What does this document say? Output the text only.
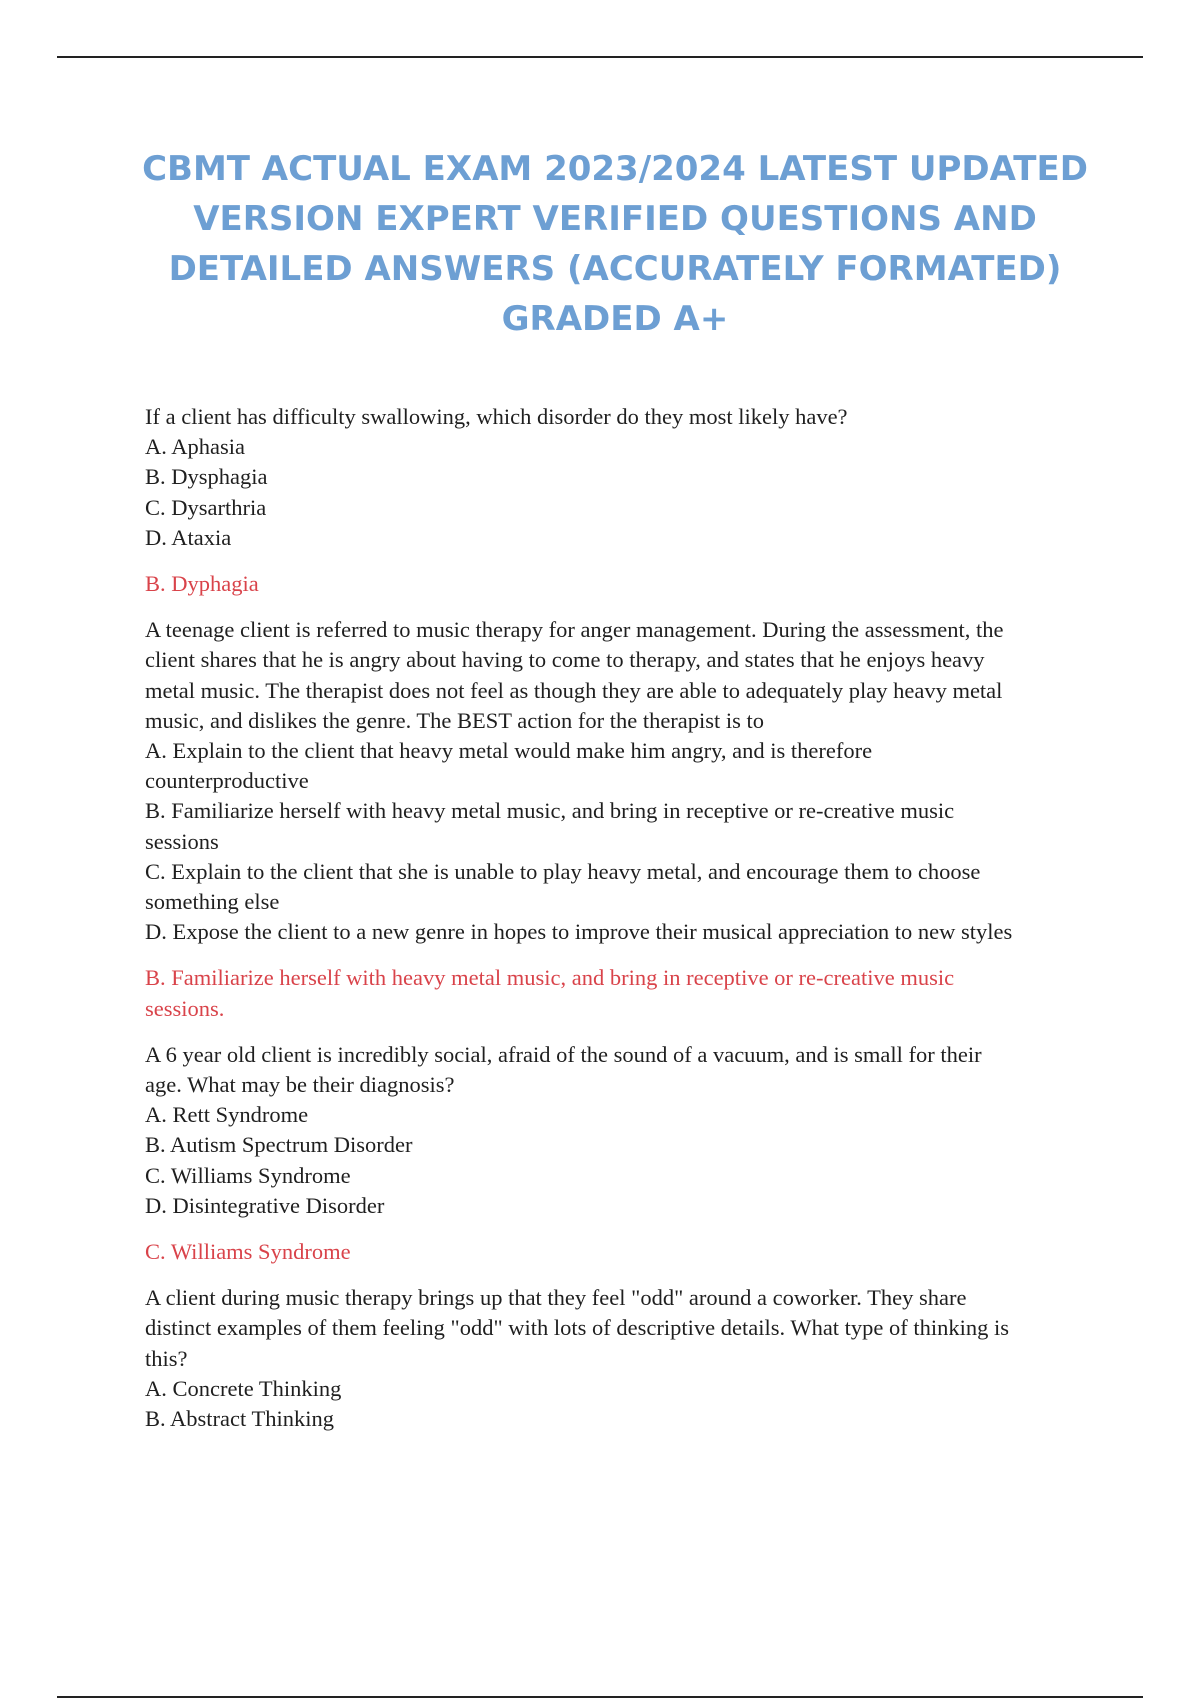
CBMT ACTUAL EXAM 2023/2024 LATEST UPDATED
VERSION EXPERT VERIFIED QUESTIONS AND
DETAILED ANSWERS (ACCURATELY FORMATED)
GRADED A+

If a client has difficulty swallowing, which disorder do they most likely have?

A. Aphasia

B. Dysphagia

C. Dysarthria

D. Ataxia

B. Dyphagia

A teenage client is referred to music therapy for anger management. During the assessment, the

client shares that he is angry about having to come to therapy, and states that he enjoys heavy

metal music. The therapist does not feel as though they are able to adequately play heavy metal

music, and dislikes the genre. The BEST action for the therapist is to

A. Explain to the client that heavy metal would make him angry, and is therefore

counterproductive

B. Familiarize herself with heavy metal music, and bring in receptive or re-creative music

sessions

C. Explain to the client that she is unable to play heavy metal, and encourage them to choose

something else

D. Expose the client to a new genre in hopes to improve their musical appreciation to new styles

B. Familiarize herself with heavy metal music, and bring in receptive or re-creative music
sessions.

A 6 year old client is incredibly social, afraid of the sound of a vacuum, and is small for their

age. What may be their diagnosis?

A. Rett Syndrome

B. Autism Spectrum Disorder

C. Williams Syndrome

D. Disintegrative Disorder

C. Williams Syndrome

A client during music therapy brings up that they feel "odd" around a coworker. They share

distinct examples of them feeling "odd" with lots of descriptive details. What type of thinking is

this?

A. Concrete Thinking

B. Abstract Thinking
